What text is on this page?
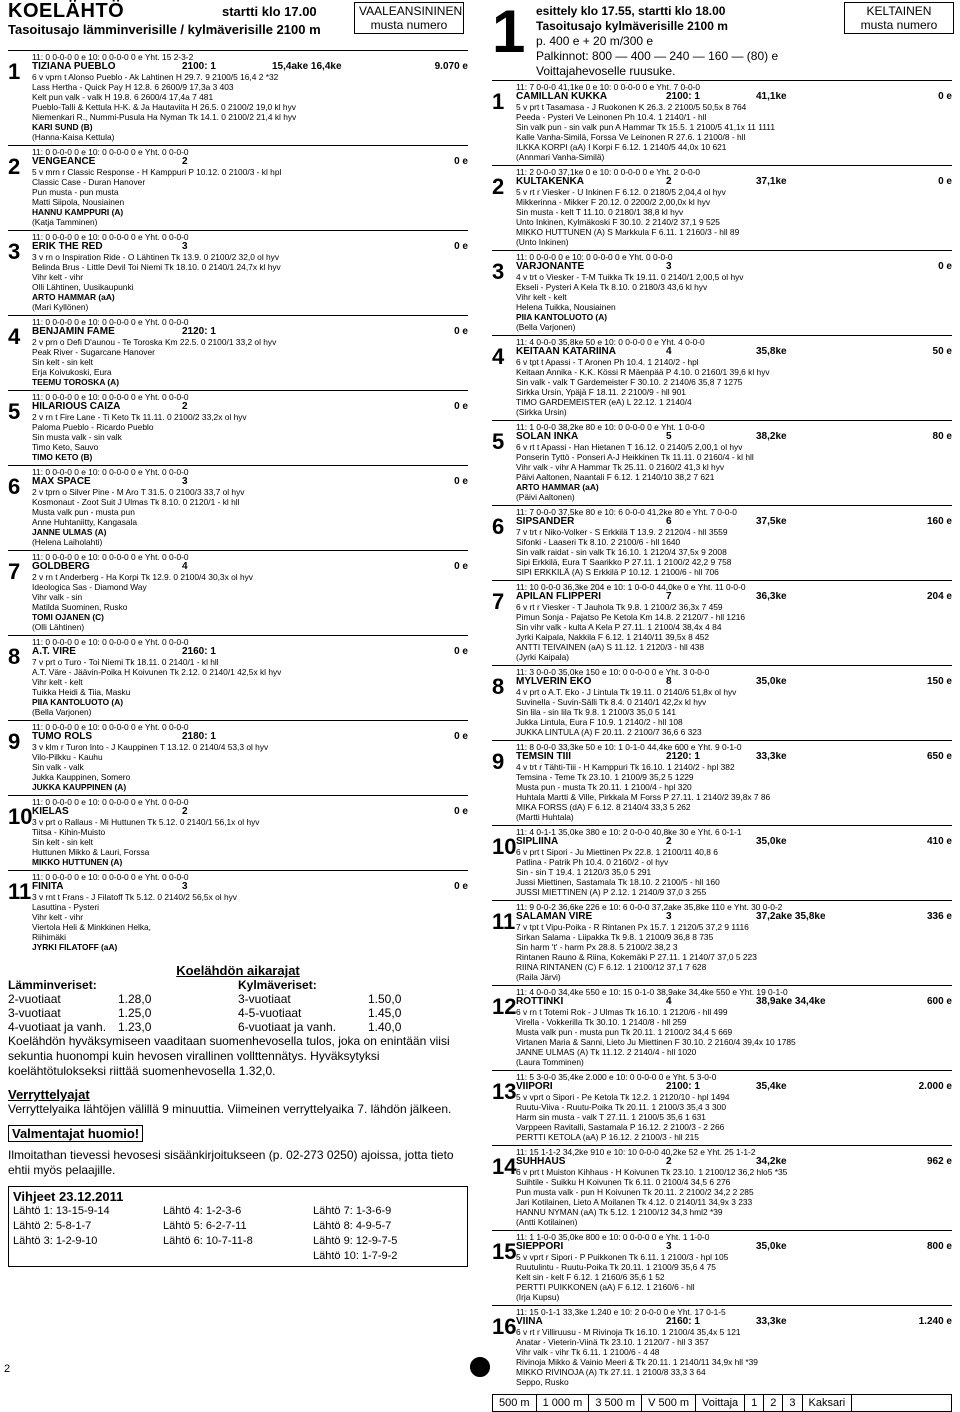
KOELÄHTÖ	startti klo 17.00	VAALEANSININEN
musta numero
Tasoitusajo lämminverisille / kylmäverisille 2100 m
1
11: 0 0-0-0 0 e 10: 0 0-0-0 0 e Yht. 15 2-3-2
TIZIANA PUEBLO	2100: 1	15,4ake 16,4ke	9.070 e
6 v vprn t Alonso Pueblo - Ak Lahtinen H 29.7. 9 2100/5 16,4 2 *32
Lass Hertha - Quick Pay H 12.8. 6 2600/9 17,3a 3 403
Kelt pun valk - valk H 19.8. 6 2600/4 17,4a 7 481
Pueblo-Talli & Kettula H-K. & Ja Hautaviita H 26.5. 0 2100/2 19,0 kl hyv
Niemenkari R., Nummi-Pusula Ha Nyman Tk 14.1. 0 2100/2 21,4 kl hyv
KARI SUND (B)
(Hanna-Kaisa Kettula)
2
11: 0 0-0-0 0 e 10: 0 0-0-0 0 e Yht. 0 0-0-0
VENGEANCE	2	0 e
5 v mrn r Classic Response - H Kamppuri P 10.12. 0 2100/3 - kl hpl
Classic Case - Duran Hanover
Pun musta - pun musta
Matti Siipola, Nousiainen
HANNU KAMPPURI (A)
(Katja Tamminen)
3
11: 0 0-0-0 0 e 10: 0 0-0-0 0 e Yht. 0 0-0-0
ERIK THE RED	3	0 e
3 v rn o Inspiration Ride - O Lähtinen Tk 13.9. 0 2100/2 32,0 ol hyv
Belinda Brus - Little Devil Toi Niemi Tk 18.10. 0 2140/1 24,7x kl hyv
Vihr kelt - vihr
Olli Lähtinen, Uusikaupunki
ARTO HAMMAR (aA)
(Mari Kyllönen)
4
11: 0 0-0-0 0 e 10: 0 0-0-0 0 e Yht. 0 0-0-0
BENJAMIN FAME	2120: 1	0 e
2 v prn o Defi D'aunou - Te Toroska Km 22.5. 0 2100/1 33,2 ol hyv
Peak River - Sugarcane Hanover
Sin kelt - sin kelt
Erja Koivukoski, Eura
TEEMU TOROSKA (A)
5
11: 0 0-0-0 0 e 10: 0 0-0-0 0 e Yht. 0 0-0-0
HILARIOUS CAIZA	2	0 e
2 v rn t Fire Lane - Ti Keto Tk 11.11. 0 2100/2 33,2x ol hyv
Paloma Pueblo - Ricardo Pueblo
Sin musta valk - sin valk
Timo Keto, Sauvo
TIMO KETO (B)
6
11: 0 0-0-0 0 e 10: 0 0-0-0 0 e Yht. 0 0-0-0
MAX SPACE	3	0 e
2 v tprn o Silver Pine - M Aro T 31.5. 0 2100/3 33,7 ol hyv
Kosmonaut - Zoot Suit J Ulmas Tk 8.10. 0 2120/1 - kl hll
Musta valk pun - musta pun
Anne Huhtaniitty, Kangasala
JANNE ULMAS (A)
(Helena Laiholahti)
7
11: 0 0-0-0 0 e 10: 0 0-0-0 0 e Yht. 0 0-0-0
GOLDBERG	4	0 e
2 v rn t Anderberg - Ha Korpi Tk 12.9. 0 2100/4 30,3x ol hyv
Ideologica Sas - Diamond Way
Vihr valk - sin
Matilda Suominen, Rusko
TOMI OJANEN (C)
(Olli Lähtinen)
8
11: 0 0-0-0 0 e 10: 0 0-0-0 0 e Yht. 0 0-0-0
A.T. VIRE	2160: 1	0 e
7 v prt o Turo - Toi Niemi Tk 18.11. 0 2140/1 - kl hll
A.T. Väre - Jäävin-Poika H Koivunen Tk 2.12. 0 2140/1 42,5x kl hyv
Vihr kelt - kelt
Tuikka Heidi & Tiia, Masku
PIIA KANTOLUOTO (A)
(Bella Varjonen)
9
11: 0 0-0-0 0 e 10: 0 0-0-0 0 e Yht. 0 0-0-0
TUMO ROLS	2180: 1	0 e
3 v klm r Turon Into - J Kauppinen T 13.12. 0 2140/4 53,3 ol hyv
Vilo-Pilkku - Kauhu
Sin valk - valk
Jukka Kauppinen, Somero
JUKKA KAUPPINEN (A)
10
11: 0 0-0-0 0 e 10: 0 0-0-0 0 e Yht. 0 0-0-0
KIELAS	2	0 e
3 v prt o Rallaus - Mi Huttunen Tk 5.12. 0 2140/1 56,1x ol hyv
Tiitsa - Kihin-Muisto
Sin kelt - sin kelt
Huttunen Mikko & Lauri, Forssa
MIKKO HUTTUNEN (A)
11
11: 0 0-0-0 0 e 10: 0 0-0-0 0 e Yht. 0 0-0-0
FINITA	3	0 e
3 v rnt t Frans - J Filatoff Tk 5.12. 0 2140/2 56,5x ol hyv
Lasuttina - Pysteri
Vihr kelt - vihr
Viertola Heli & Minkkinen Helka,
Riihimäki
JYRKI FILATOFF (aA)
Koelähdön aikarajat
Lämminveriset:	Kylmäveriset:
2-vuotiaat	1.28,0	3-vuotiaat	1.50,0
3-vuotiaat	1.25,0	4-5-vuotiaat	1.45,0
4-vuotiaat ja vanh. 1.23,0	6-vuotiaat ja vanh.	1.40,0
Koelähdön hyväksymiseen vaaditaan suomenhevosella tulos, joka on enintään viisi sekuntia huonompi kuin hevosen virallinen vollttennätys. Hyväksytyksi koelähtötulokseksi riittää suomenhevosella 1.32,0.
Verryttelyajat
Verryttelyaika lähtöjen välillä 9 minuuttia. Viimeinen verryttelyaika 7. lähdön jälkeen.
Valmentajat huomio!
Ilmoitathan tievessi hevosesi sisäänkirjoitukseen (p. 02-273 0250) ajoissa, jotta tieto ehtii myös pelaajille.
Vihjeet 23.12.2011
Lähtö 1: 13-15-9-14	Lähtö 4: 1-2-3-6	Lähtö 7: 1-3-6-9
Lähtö 2: 5-8-1-7	Lähtö 5: 6-2-7-11	Lähtö 8: 4-9-5-7
Lähtö 3: 1-2-9-10	Lähtö 6: 10-7-11-8	Lähtö 9: 12-9-7-5
Lähtö 10: 1-7-9-2
1 esittely klo 17.55, startti klo 18.00
Tasoitusajo kylmäverisille 2100 m
p. 400 e + 20 m/300 e
Palkinnot: 800 — 400 — 240 — 160 — (80) e
Voittajahevoselle ruusuke.
KELTAINEN
musta numero
1
11: 7 0-0-0 41,1ke 0 e 10: 0 0-0-0 0 e Yht. 7 0-0-0
CAMILLAN KUKKA	2100: 1	41,1ke	0 e
5 v prt t Tasamasa - J Ruokonen K 26.3. 2 2100/5 50,5x 8 764
Peeda - Pysteri Ve Leinonen Ph 10.4. 1 2140/1 - hll
Sin valk pun - sin valk pun A Hammar Tk 15.5. 1 2100/5 41,1x 11 1111
Kalle Vanha-Similä, Forssa Ve Leinonen R 27.6. 1 2100/8 - hll
ILKKA KORPI (aA) I Korpi F 6.12. 1 2140/5 44,0x 10 621
(Annmari Vanha-Similä)
2
11: 2 0-0-0 37,1ke 0 e 10: 0 0-0-0 0 e Yht. 2 0-0-0
KULTAKENKÄ	2	37,1ke	0 e
5 v rt r Viesker - U Inkinen F 6.12. 0 2180/5 2,04,4 ol hyv
Mikkerinna - Mikker F 20.12. 0 2200/2 2,00,0x kl hyv
Sin musta - kelt T 11.10. 0 2180/1 38,8 kl hyv
Unto Inkinen, Kylmäkoski F 30.10. 2 2140/2 37,1 9 525
MIKKO HUTTUNEN (A) S Markkula F 6.11. 1 2160/3 - hll 89
(Unto Inkinen)
3
11: 0 0-0-0 0 e 10: 0 0-0-0 0 e Yht. 0 0-0-0
VARJONANTE	3	0 e
4 v trt o Viesker - T-M Tuikka Tk 19.11. 0 2140/1 2,00,5 ol hyv
Ekseli - Pysteri A Kela Tk 8.10. 0 2180/3 43,6 kl hyv
Vihr kelt - kelt
Helena Tuikka, Nousiainen
PIIA KANTOLUOTO (A)
(Bella Varjonen)
4
11: 4 0-0-0 35,8ke 50 e 10: 0 0-0-0 0 e Yht. 4 0-0-0
KEITAAN KATARIINA	4	35,8ke	50 e
6 v tpt t Apassi - T Aronen Ph 10.4. 1 2140/2 - hpl
Keitaan Annika - K.K. Kössi R Mäenpää P 4.10. 0 2160/1 39,6 kl hyv
Sin valk - valk T Gardemeister F 30.10. 2 2140/6 35,8 7 1275
Sirkka Ursin, Ypäjä F 18.11. 2 2100/9 - hll 901
TIMO GARDEMEISTER (eA) L 22.12. 1 2140/4
(Sirkka Ursin)
5
11: 1 0-0-0 38,2ke 80 e 10: 0 0-0-0 0 e Yht. 1 0-0-0
SOLAN INKA	5	38,2ke	80 e
6 v rt t Apassi - Han Hietanen T 16.12. 0 2140/5 2,00,1 ol hyv
Ponserin Tyttö - Ponseri A-J Heikkinen Tk 11.11. 0 2160/4 - kl hll
Vihr valk - vihr A Hammar Tk 25.11. 0 2160/2 41,3 kl hyv
Päivi Aaltonen, Naantali F 6.12. 1 2140/10 38,2 7 621
ARTO HAMMAR (aA)
(Päivi Aaltonen)
6
11: 7 0-0-0 37,5ke 80 e 10: 6 0-0-0 41,2ke 80 e Yht. 7 0-0-0
SIPSANDER	6	37,5ke	160 e
7 v trt r Niko-Volker - S Erkkilä T 13.9. 2 2120/4 - hll 3559
Sifonki - Laaseri Tk 8.10. 2 2100/6 - hll 1640
Sin valk raidat - sin valk Tk 16.10. 1 2120/4 37,5x 9 2008
Sipi Erkkilä, Eura T Saarikko P 27.11. 1 2100/2 42,2 9 758
SIPI ERKKILÄ (A) S Erkkilä P 10.12. 1 2100/6 - hll 706
7
11: 10 0-0-0 36,3ke 204 e 10: 1 0-0-0 44,0ke 0 e Yht. 11 0-0-0
APILAN FLIPPERI	7	36,3ke	204 e
6 v rt r Viesker - T Jauhola Tk 9.8. 1 2100/2 36,3x 7 459
Pimun Sonja - Pajatso Pe Ketola Km 14.8. 2 2120/7 - hll 1216
Sin vihr valk - kulta A Kela P 27.11. 1 2100/4 38,4x 4 84
Jyrki Kaipala, Nakkila F 6.12. 1 2140/11 39,5x 8 452
ANTTI TEIVAINEN (aA) S 11.12. 1 2120/3 - hll 438
(Jyrki Kaipala)
8
11: 3 0-0-0 35,0ke 150 e 10: 0 0-0-0 0 e Yht. 3 0-0-0
MYLVERIN EKO	8	35,0ke	150 e
4 v prt o A.T. Eko - J Lintula Tk 19.11. 0 2140/6 51,8x ol hyv
Suvinella - Suvin-Sälli Tk 8.4. 0 2140/1 42,2x kl hyv
Sin lila - sin lila Tk 9.8. 1 2100/3 35,0 5 141
Jukka Lintula, Eura F 10.9. 1 2140/2 - hll 108
JUKKA LINTULA (A) F 20.11. 2 2100/7 36,6 6 323
9
11: 8 0-0-0 33,3ke 50 e 10: 1 0-1-0 44,4ke 600 e Yht. 9 0-1-0
TEMSIN TIII	2120: 1	33,3ke	650 e
4 v trt r Tähti-Tiii - H Kamppuri Tk 16.10. 1 2140/2 - hpl 382
Temsina - Teme Tk 23.10. 1 2100/9 35,2 5 1229
Musta pun - musta Tk 20.11. 1 2100/4 - hpl 320
Huhtala Martti & Ville, Pirkkala M Forss P 27.11. 1 2140/2 39,8x 7 86
MIKA FORSS (dA) F 6.12. 8 2140/4 33,3 5 262
(Martti Huhtala)
10
11: 4 0-1-1 35,0ke 380 e 10: 2 0-0-0 40,8ke 30 e Yht. 6 0-1-1
SIPLIINA	2	35,0ke	410 e
6 v prt t Sipori - Ju Miettinen Px 22.8. 1 2100/11 40,8 6
Patlina - Patrik Ph 10.4. 0 2160/2 - ol hyv
Sin - sin T 19.4. 1 2120/3 35,0 5 291
Jussi Miettinen, Sastamala Tk 18.10. 2 2100/5 - hll 160
JUSSI MIETTINEN (A) P 2.12. 1 2140/9 37,0 3 255
11
11: 9 0-0-2 36,6ke 226 e 10: 6 0-0-0 37,2ake 35,8ke 110 e Yht. 30 0-0-2
SALAMAN VIRE	3	37,2ake 35,8ke	336 e
7 v tpt t Vipu-Poika - R Rintanen Px 15.7. 1 2120/5 37,2 9 1116
Sirkan Salama - Liipakka Tk 9.8. 1 2100/9 36,8 8 735
Sin harm 't' - harm Px 28.8. 5 2100/2 38,2 3
Rintanen Rauno & Riina, Kokemäki P 27.11. 1 2140/7 37,0 5 223
RIINA RINTANEN (C) F 6.12. 1 2100/12 37,1 7 628
(Raila Järvi)
12
11: 4 0-0-0 34,4ke 550 e 10: 15 0-1-0 38,9ake 34,4ke 550 e Yht. 19 0-1-0
ROTTINKI	4	38,9ake 34,4ke	600 e
6 v rn t Totemi Rok - J Ulmas Tk 16.10. 1 2120/6 - hll 499
Virella - Vokkerilla Tk 30.10. 1 2140/8 - hll 259
Musta valk pun - musta pun Tk 20.11. 1 2100/2 34,4 5 669
Virtanen Maria & Sanni, Lieto Ju Miettinen F 30.10. 2 2160/4 39,4x 10 1785
JANNE ULMAS (A) Tk 11.12. 2 2140/4 - hll 1020
(Laura Tomminen)
13
11: 5 3-0-0 35,4ke 2.000 e 10: 0 0-0-0 0 e Yht. 5 3-0-0
VIIPORI	2100: 1	35,4ke	2.000 e
5 v vprt o Sipori - Pe Ketola Tk 12.2. 1 2120/10 - hpl 1494
Ruutu-Viiva - Ruutu-Poika Tk 20.11. 1 2100/3 35,4 3 300
Harm sin musta - valk T 27.11. 1 2100/5 35,6 1 631
Varppeen Ravitalli, Sastamala P 16.12. 2 2100/3 - 2 266
PERTTI KETOLA (aA) P 16.12. 2 2100/3 - hll 215
14
11: 15 1-1-2 34,2ke 910 e 10: 10 0-0-0 40,2ke 52 e Yht. 25 1-1-2
SUHHAUS	2	34,2ke	962 e
6 v prt t Muiston Kihhaus - H Koivunen Tk 23.10. 1 2100/12 36,2 hlo5 *35
Suihtile - Suikku H Koivunen Tk 6.11. 0 2100/4 34,5 6 276
Pun musta valk - pun H Koivunen Tk 20.11. 2 2100/2 34,2 2 285
Jari Kotilainen, Lieto A Moilanen Tk 4.12. 0 2140/11 34,9x 3 233
HANNU NYMAN (aA) Tk 5.12. 1 2100/12 34,3 hml2 *39
(Antti Kotilainen)
15
11: 1 1-0-0 35,0ke 800 e 10: 0 0-0-0 0 e Yht. 1 1-0-0
SIEPPORI	3	35,0ke	800 e
5 v vprt r Sipori - P Puikkonen Tk 6.11. 1 2100/3 - hpl 105
Ruutulintu - Ruutu-Poika Tk 20.11. 1 2100/9 35,6 4 75
Kelt sin - kelt F 6.12. 1 2160/6 35,6 1 52
PERTTI PUIKKONEN (aA) F 6.12. 1 2160/6 - hll
(Irja Kupsu)
16
11: 15 0-1-1 33,3ke 1.240 e 10: 2 0-0-0 0 e Yht. 17 0-1-5
VIINA	2160: 1	33,3ke	1.240 e
6 v rt r Villiruusu - M Rivinoja Tk 16.10. 1 2100/4 35,4x 5 121
Anatar - Vieterin-Viinä Tk 23.10. 1 2120/7 - hll 3 357
Vihr valk - vihr Tk 6.11. 1 2100/6 - 4 48
Rivinoja Mikko & Vainio Meeri & Tk 20.11. 1 2140/11 34,9x hll *39
MIKKO RIVINOJA (A) Tk 27.11. 1 2100/8 33,3 3 64
Seppo, Rusko
500 m	1 000 m	3 500 m	V 500 m	Voittaja	1	2	3	Kaksari
2
